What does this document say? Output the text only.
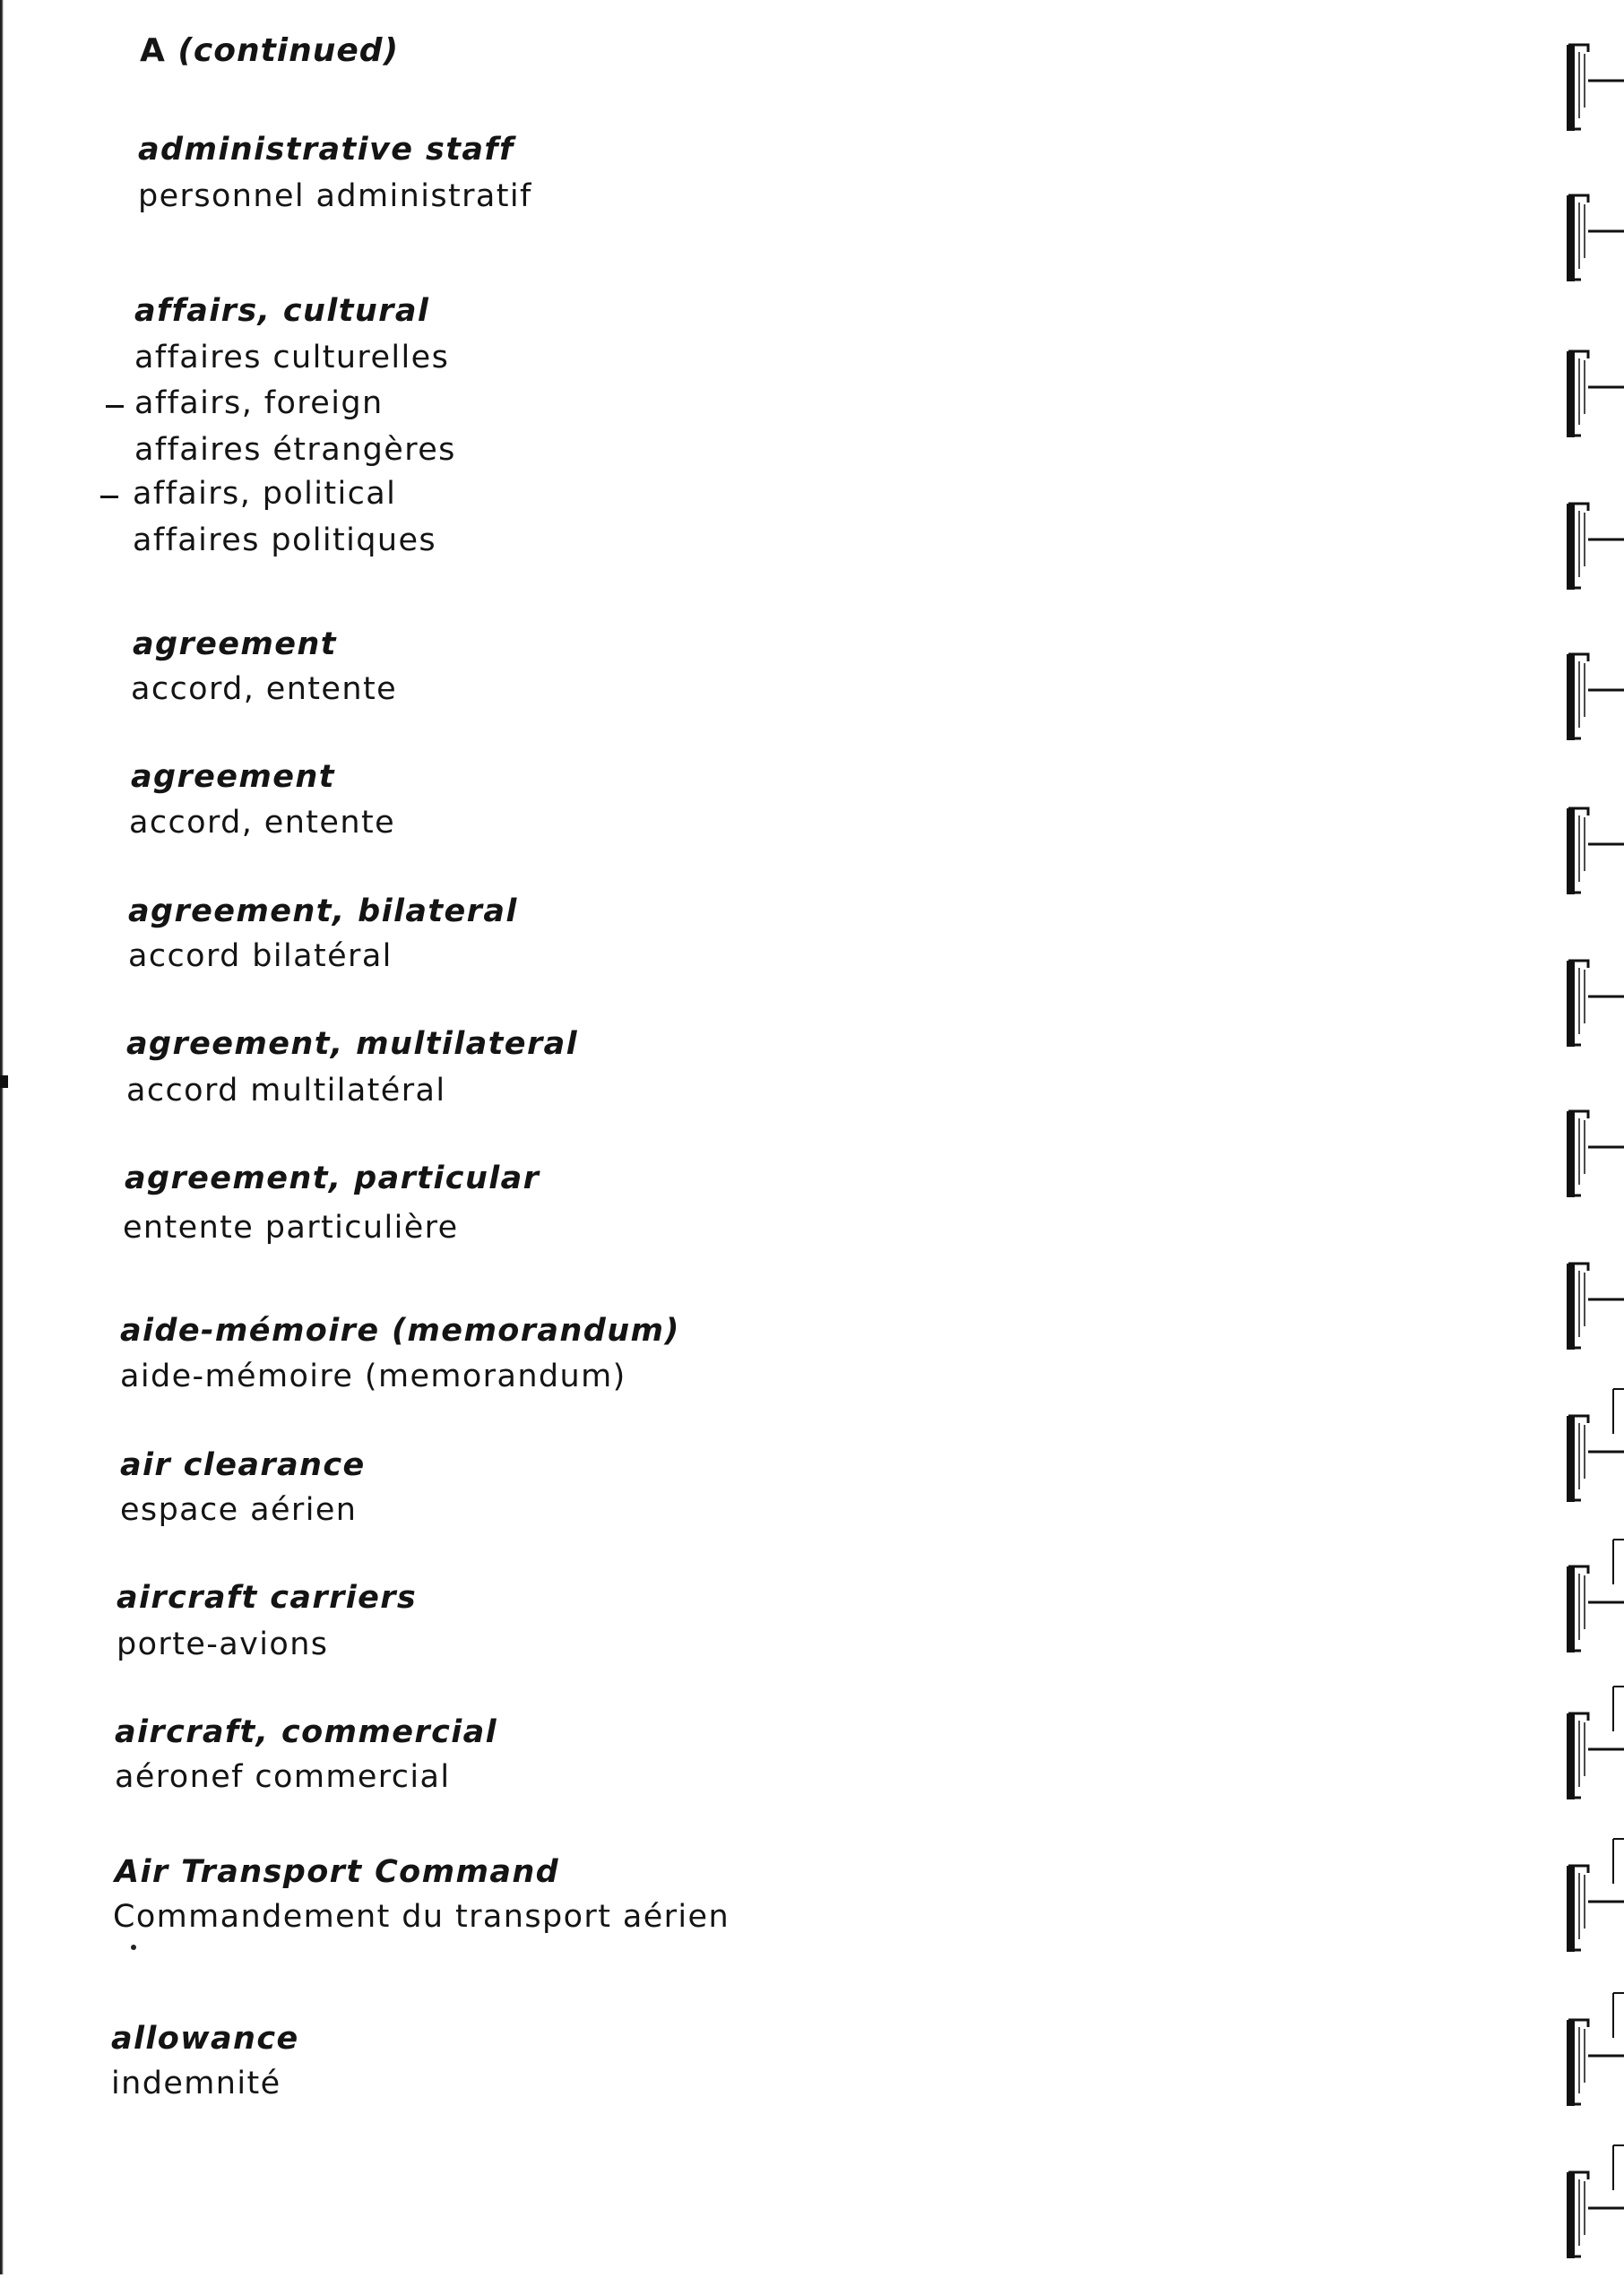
A (continued)
administrative staff
personnel administratif
affairs, cultural
affaires culturelles
affairs, foreign
affaires étrangères
affairs, political
affaires politiques
agreement
accord, entente
agreement
accord, entente
agreement, bilateral
accord bilatéral
agreement, multilateral
accord multilatéral
agreement, particular
entente particulière
aide-mémoire (memorandum)
aide-mémoire (memorandum)
air clearance
espace aérien
aircraft carriers
porte-avions
aircraft, commercial
aéronef commercial
Air Transport Command
Commandement du transport aérien
allowance
indemnité
